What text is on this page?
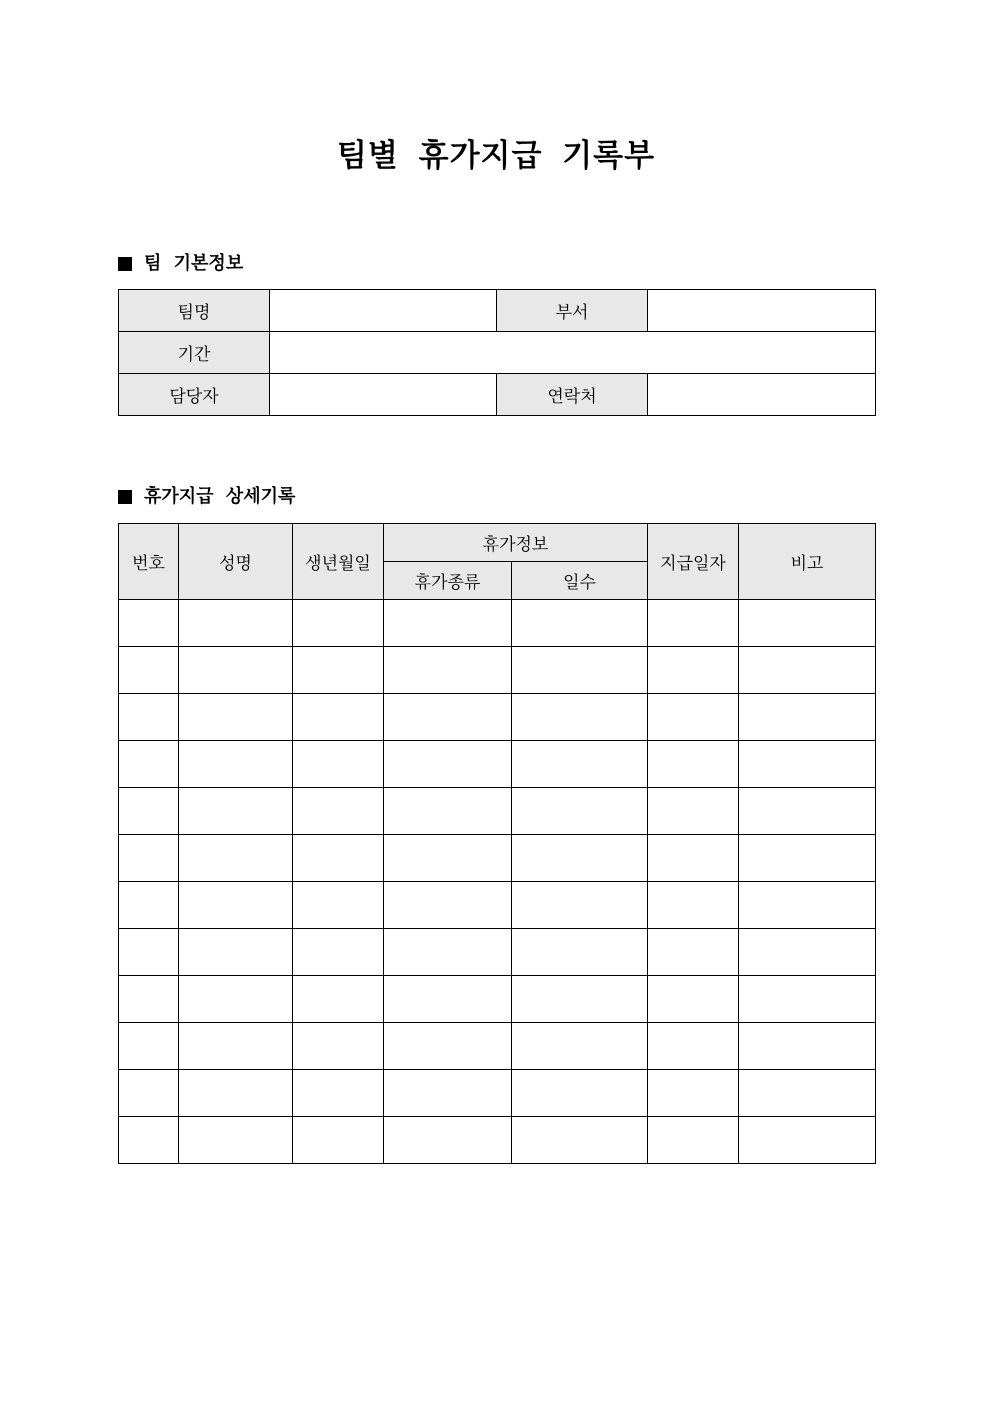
팀별 휴가지급 기록부
팀 기본정보
팀명		부서	
기간			
담당자		연락처	
휴가지급 상세기록
번호	성명	생년월일	휴가정보		지급일자	비고
			휴가종류	일수		
